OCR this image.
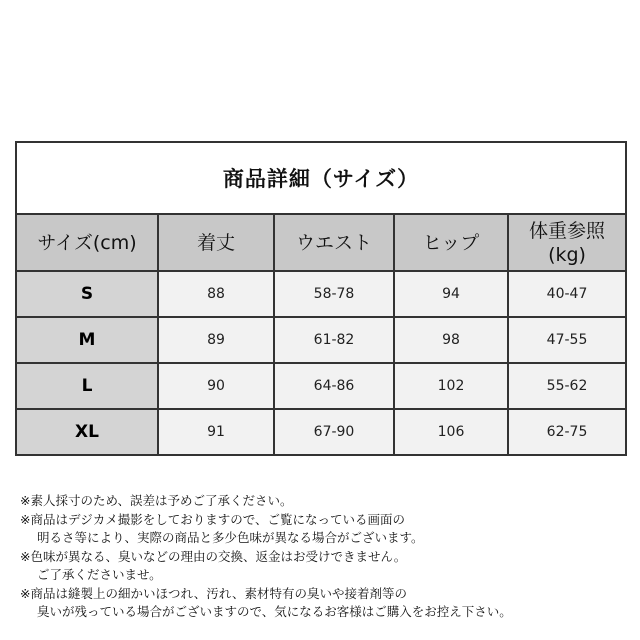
商品詳細（サイズ）				
サイズ(cm)	着丈	ウエスト	ヒップ	体重参照
(kg)
S	88	58-78	94	40-47
M	89	61-82	98	47-55
L	90	64-86	102	55-62
XL	91	67-90	106	62-75
※素人採寸のため、誤差は予めご了承ください。
※商品はデジカメ撮影をしておりますので、ご覧になっている画面の
明るさ等により、実際の商品と多少色味が異なる場合がございます。
※色味が異なる、臭いなどの理由の交換、返金はお受けできません。
ご了承くださいませ。
※商品は縫製上の細かいほつれ、汚れ、素材特有の臭いや接着剤等の
臭いが残っている場合がございますので、気になるお客様はご購入をお控え下さい。
